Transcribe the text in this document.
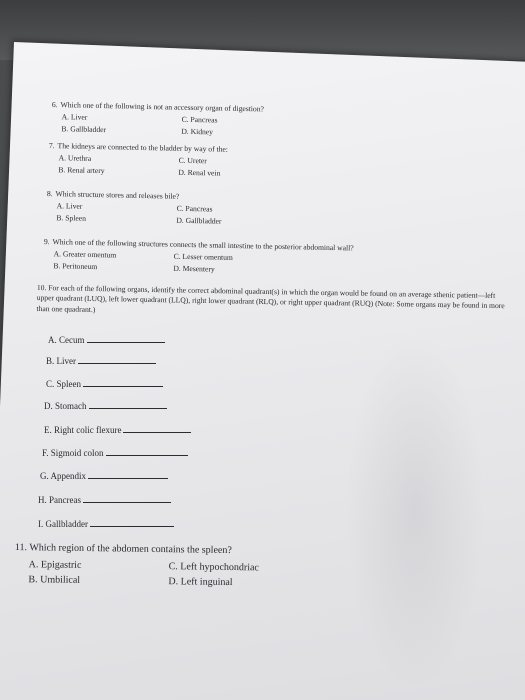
6. Which one of the following is not an accessory organ of digestion?
A. Liver	C. Pancreas
B. Gallbladder	D. Kidney
7. The kidneys are connected to the bladder by way of the:
A. Urethra	C. Ureter
B. Renal artery	D. Renal vein
8. Which structure stores and releases bile?
A. Liver	C. Pancreas
B. Spleen	D. Gallbladder
9. Which one of the following structures connects the small intestine to the posterior abdominal wall?
A. Greater omentum	C. Lesser omentum
B. Peritoneum	D. Mesentery
10. For each of the following organs, identify the correct abdominal quadrant(s) in which the organ would be found on an average sthenic patient—left upper quadrant (LUQ), left lower quadrant (LLQ), right lower quadrant (RLQ), or right upper quadrant (RUQ) (Note: Some organs may be found in more than one quadrant.)
A. Cecum
B. Liver
C. Spleen
D. Stomach
E. Right colic flexure
F. Sigmoid colon
G. Appendix
H. Pancreas
I. Gallbladder
11. Which region of the abdomen contains the spleen?
A. Epigastric	C. Left hypochondriac
B. Umbilical	D. Left inguinal
